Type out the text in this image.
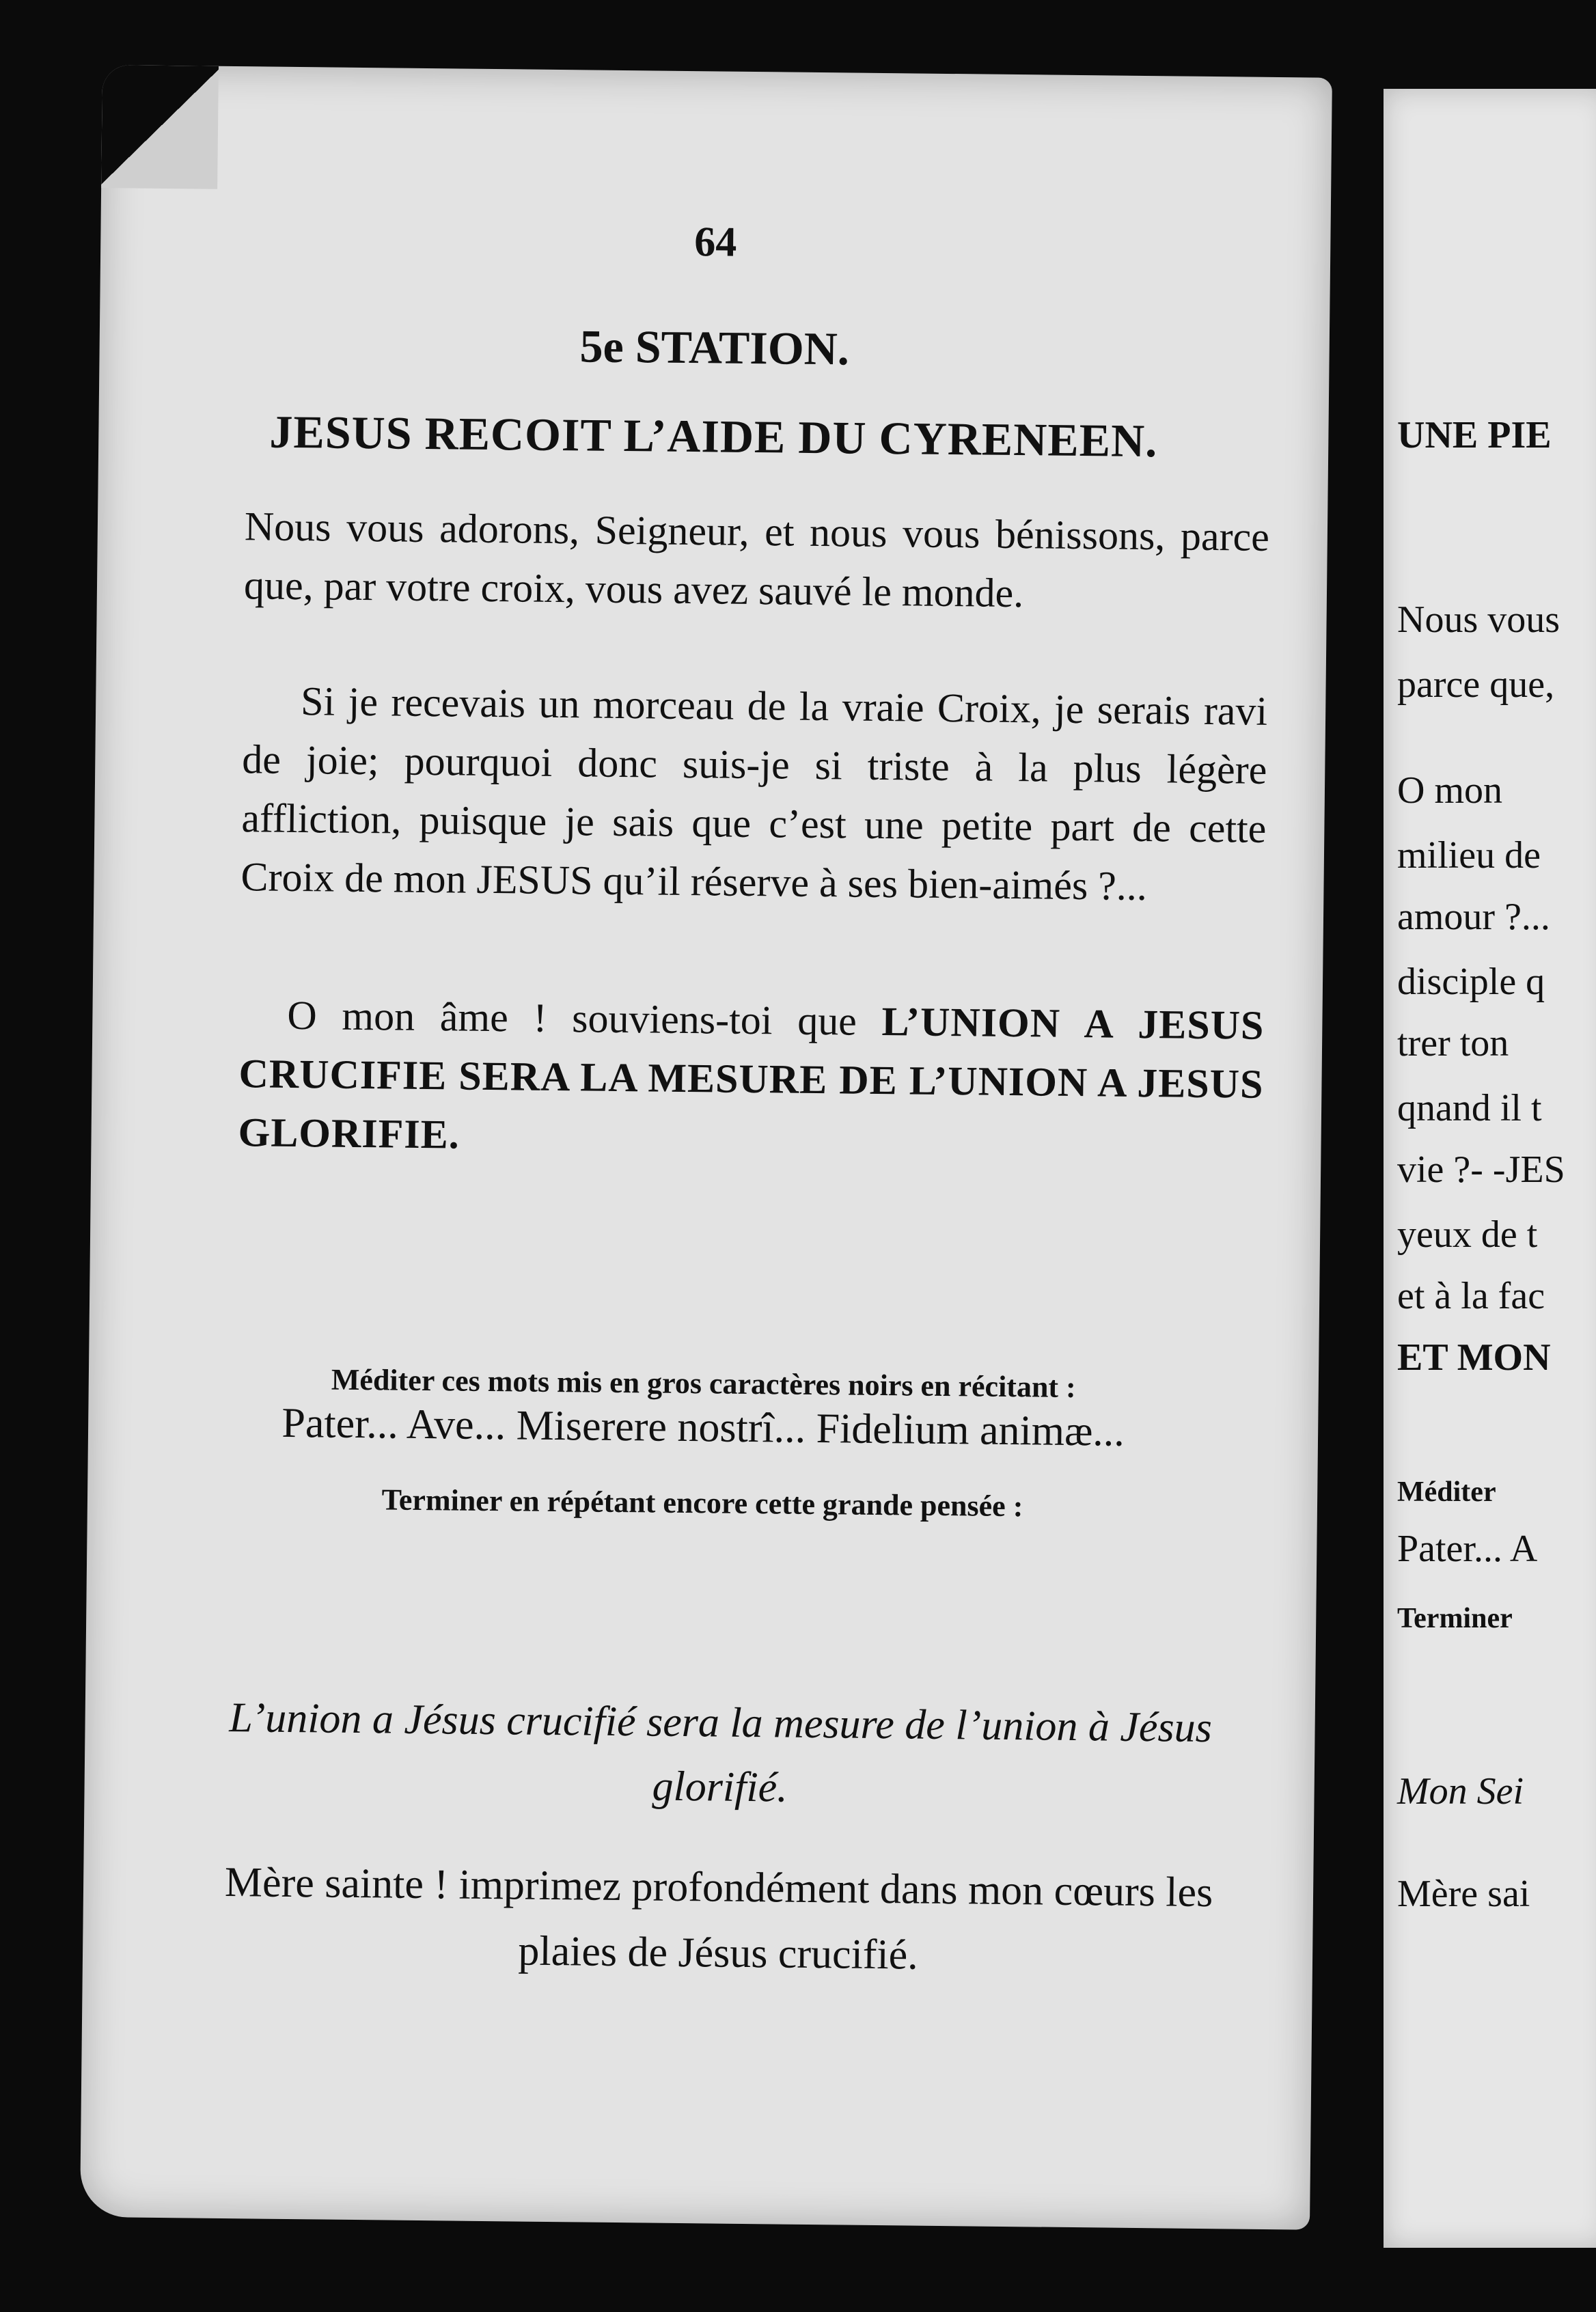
64
5e STATION.
JESUS RECOIT L’AIDE DU CYRENEEN.
Nous vous adorons, Seigneur, et nous vous bénissons, parce que, par votre croix, vous avez sauvé le monde.
Si je recevais un morceau de la vraie Croix, je serais ravi de joie; pourquoi donc suis-je si triste à la plus légère affliction, puisque je sais que c’est une petite part de cette Croix de mon JESUS qu’il réserve à ses bien-aimés ?...
O mon âme ! souviens-toi que L’UNION A JESUS CRUCIFIE SERA LA MESURE DE L’UNION A JESUS GLORIFIE.
Méditer ces mots mis en gros caractères noirs en récitant :
Pater... Ave... Miserere nostrî... Fidelium animæ...
Terminer en répétant encore cette grande pensée :
L’union a Jésus crucifié sera la mesure de l’union à Jésus glorifié.
Mère sainte ! imprimez profondément dans mon cœurs les plaies de Jésus crucifié.
UNE PIE
Nous vous
parce que,
O mon
milieu de
amour ?...
disciple q
trer ton
qnand il t
vie ?- -JES
yeux de t
et à la fac
ET MON
Méditer
Pater... A
Terminer
Mon Sei
Mère sai
